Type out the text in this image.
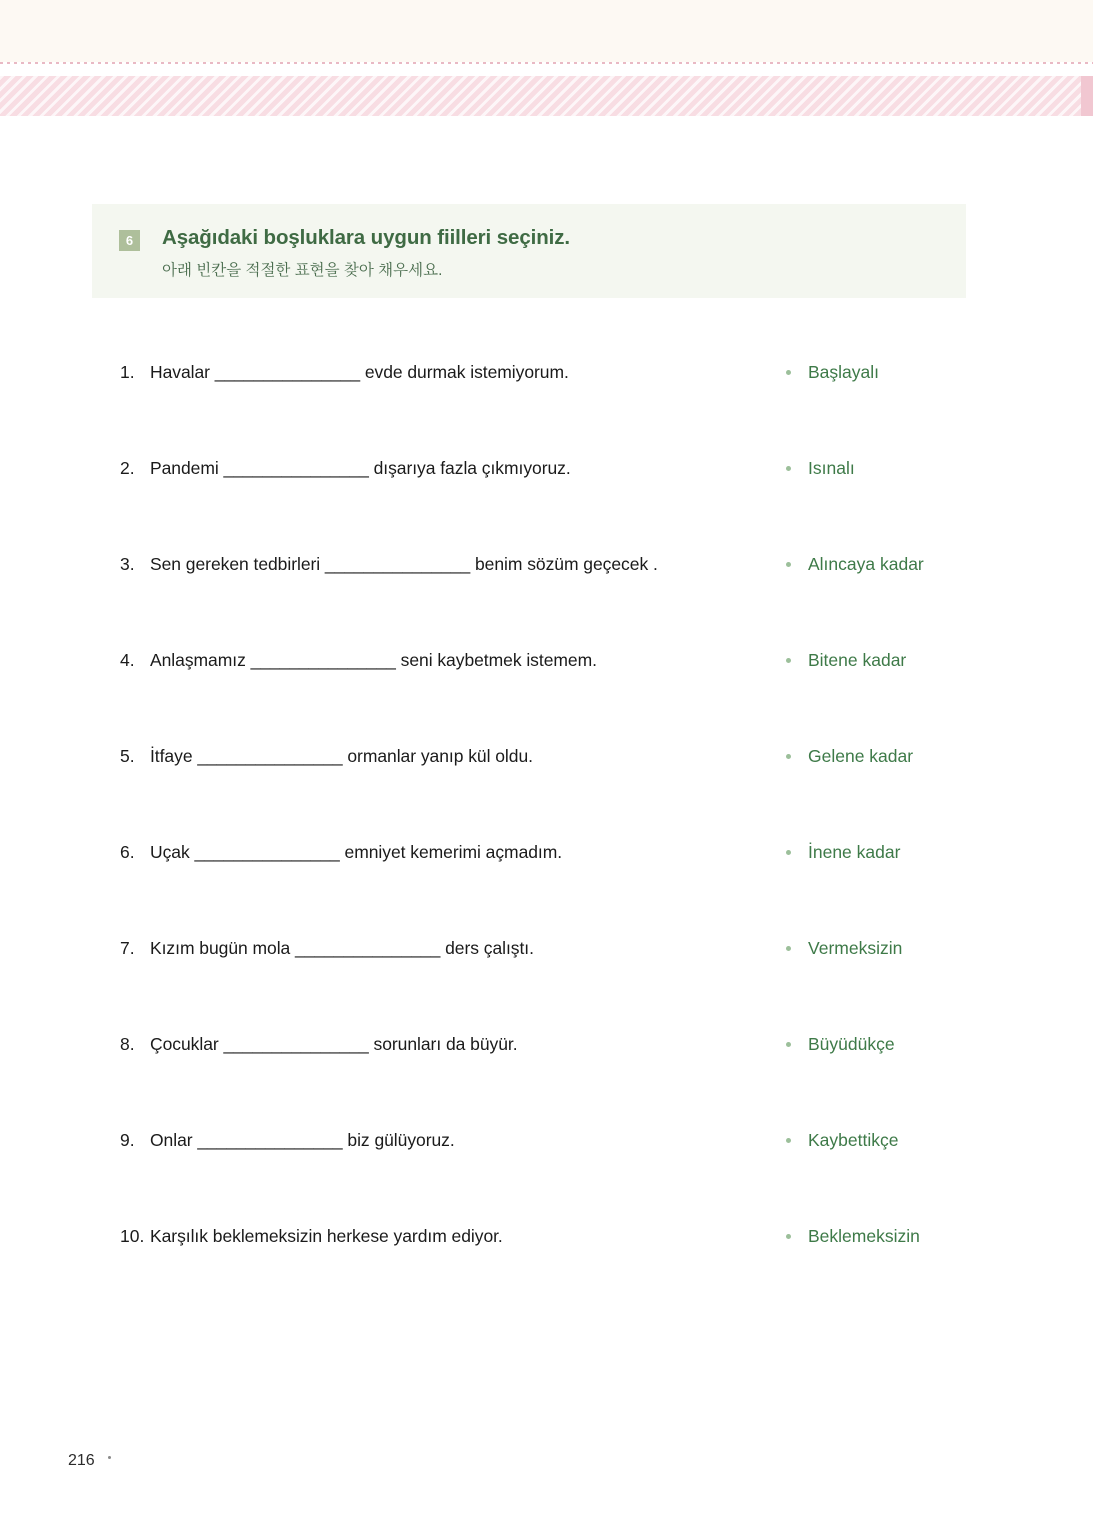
6	Aşağıdaki boşluklara uygun fiilleri seçiniz.
아래 빈칸을 적절한 표현을 찾아 채우세요.
1. Havalar _______________ evde durmak istemiyorum.
2. Pandemi _______________ dışarıya fazla çıkmıyoruz.
3. Sen gereken tedbirleri _______________ benim sözüm geçecek .
4. Anlaşmamız _______________ seni kaybetmek istemem.
5. İtfaye _______________ ormanlar yanıp kül oldu.
6. Uçak _______________ emniyet kemerimi açmadım.
7. Kızım bugün mola _______________ ders çalıştı.
8. Çocuklar _______________ sorunları da büyür.
9. Onlar _______________ biz gülüyoruz.
10. Karşılık beklemeksizin herkese yardım ediyor.
Başlayalı
Isınalı
Alıncaya kadar
Bitene kadar
Gelene kadar
İnene kadar
Vermeksizin
Büyüdükçe
Kaybettikçe
Beklemeksizin
216
